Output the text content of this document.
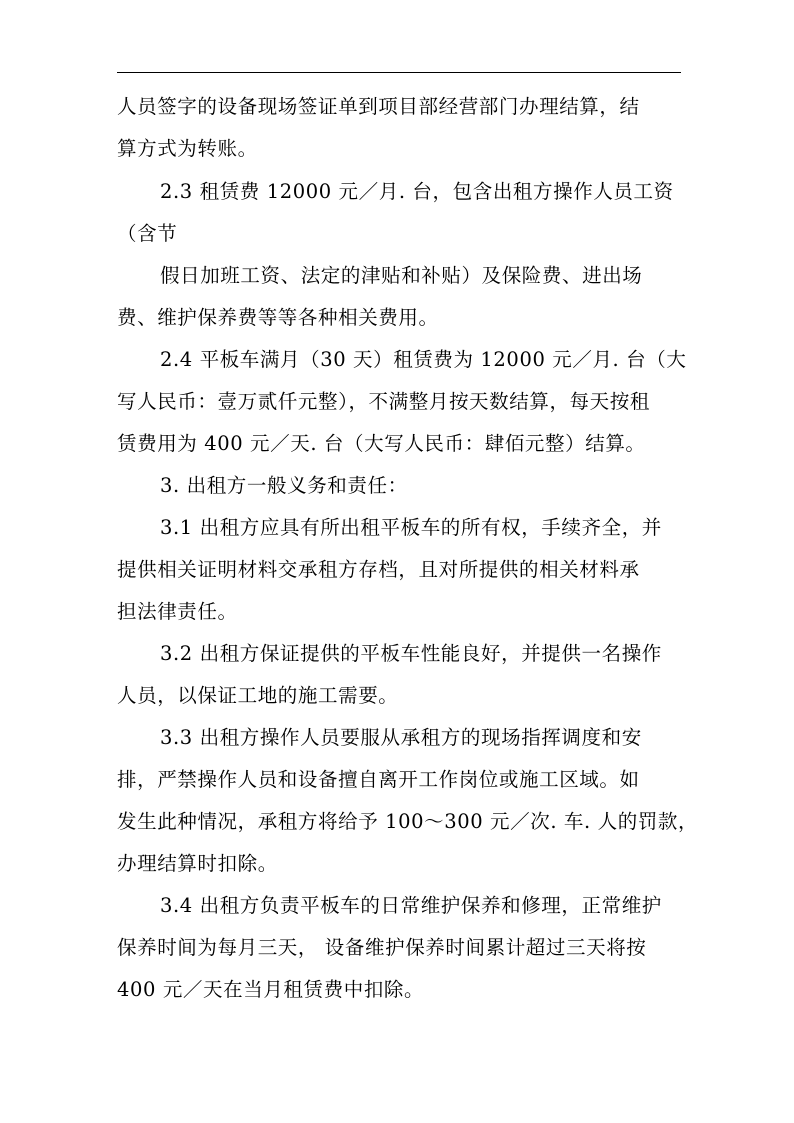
人员签字的设备现场签证单到项目部经营部门办理结算，结
算方式为转账。
2.3 租赁费 12000 元／月. 台，包含出租方操作人员工资
（含节
假日加班工资、法定的津贴和补贴）及保险费、进出场
费、维护保养费等等各种相关费用。
2.4 平板车满月（30 天）租赁费为 12000 元／月. 台（大
写人民币：壹万贰仟元整），不满整月按天数结算，每天按租
赁费用为 400 元／天. 台（大写人民币：肆佰元整）结算。
3. 出租方一般义务和责任：
3.1 出租方应具有所出租平板车的所有权，手续齐全，并
提供相关证明材料交承租方存档，且对所提供的相关材料承
担法律责任。
3.2 出租方保证提供的平板车性能良好，并提供一名操作
人员，以保证工地的施工需要。
3.3 出租方操作人员要服从承租方的现场指挥调度和安
排，严禁操作人员和设备擅自离开工作岗位或施工区域。如
发生此种情况，承租方将给予 100～300 元／次. 车. 人的罚款，
办理结算时扣除。
3.4 出租方负责平板车的日常维护保养和修理，正常维护
保养时间为每月三天， 设备维护保养时间累计超过三天将按
400 元／天在当月租赁费中扣除。
